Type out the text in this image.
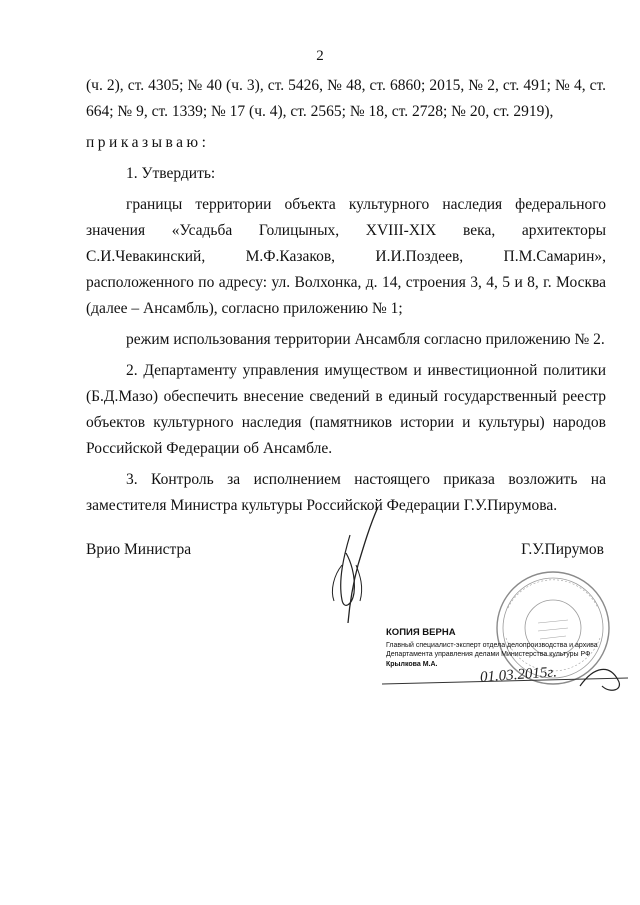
2

(ч. 2), ст. 4305; № 40 (ч. 3), ст. 5426, № 48, ст. 6860; 2015, № 2, ст. 491; № 4, ст. 664; № 9, ст. 1339; № 17 (ч. 4), ст. 2565; № 18, ст. 2728; № 20, ст. 2919),

приказываю:

1. Утвердить:

границы территории объекта культурного наследия федерального значения «Усадьба Голицыных, XVIII-XIX века, архитекторы С.И.Чевакинский, М.Ф.Казаков, И.И.Поздеев, П.М.Самарин», расположенного по адресу: ул. Волхонка, д. 14, строения 3, 4, 5 и 8, г. Москва (далее – Ансамбль), согласно приложению № 1;

режим использования территории Ансамбля согласно приложению № 2.

2. Департаменту управления имуществом и инвестиционной политики (Б.Д.Мазо) обеспечить внесение сведений в единый государственный реестр объектов культурного наследия (памятников истории и культуры) народов Российской Федерации об Ансамбле.

3. Контроль за исполнением настоящего приказа возложить на заместителя Министра культуры Российской Федерации Г.У.Пирумова.

Врио Министра	Г.У.Пирумов
КОПИЯ ВЕРНА
Главный специалист-эксперт отдела делопроизводства и архива
Департамента управления делами Министерства культуры РФ
Крылкова М.А.
01.03.2015г.
